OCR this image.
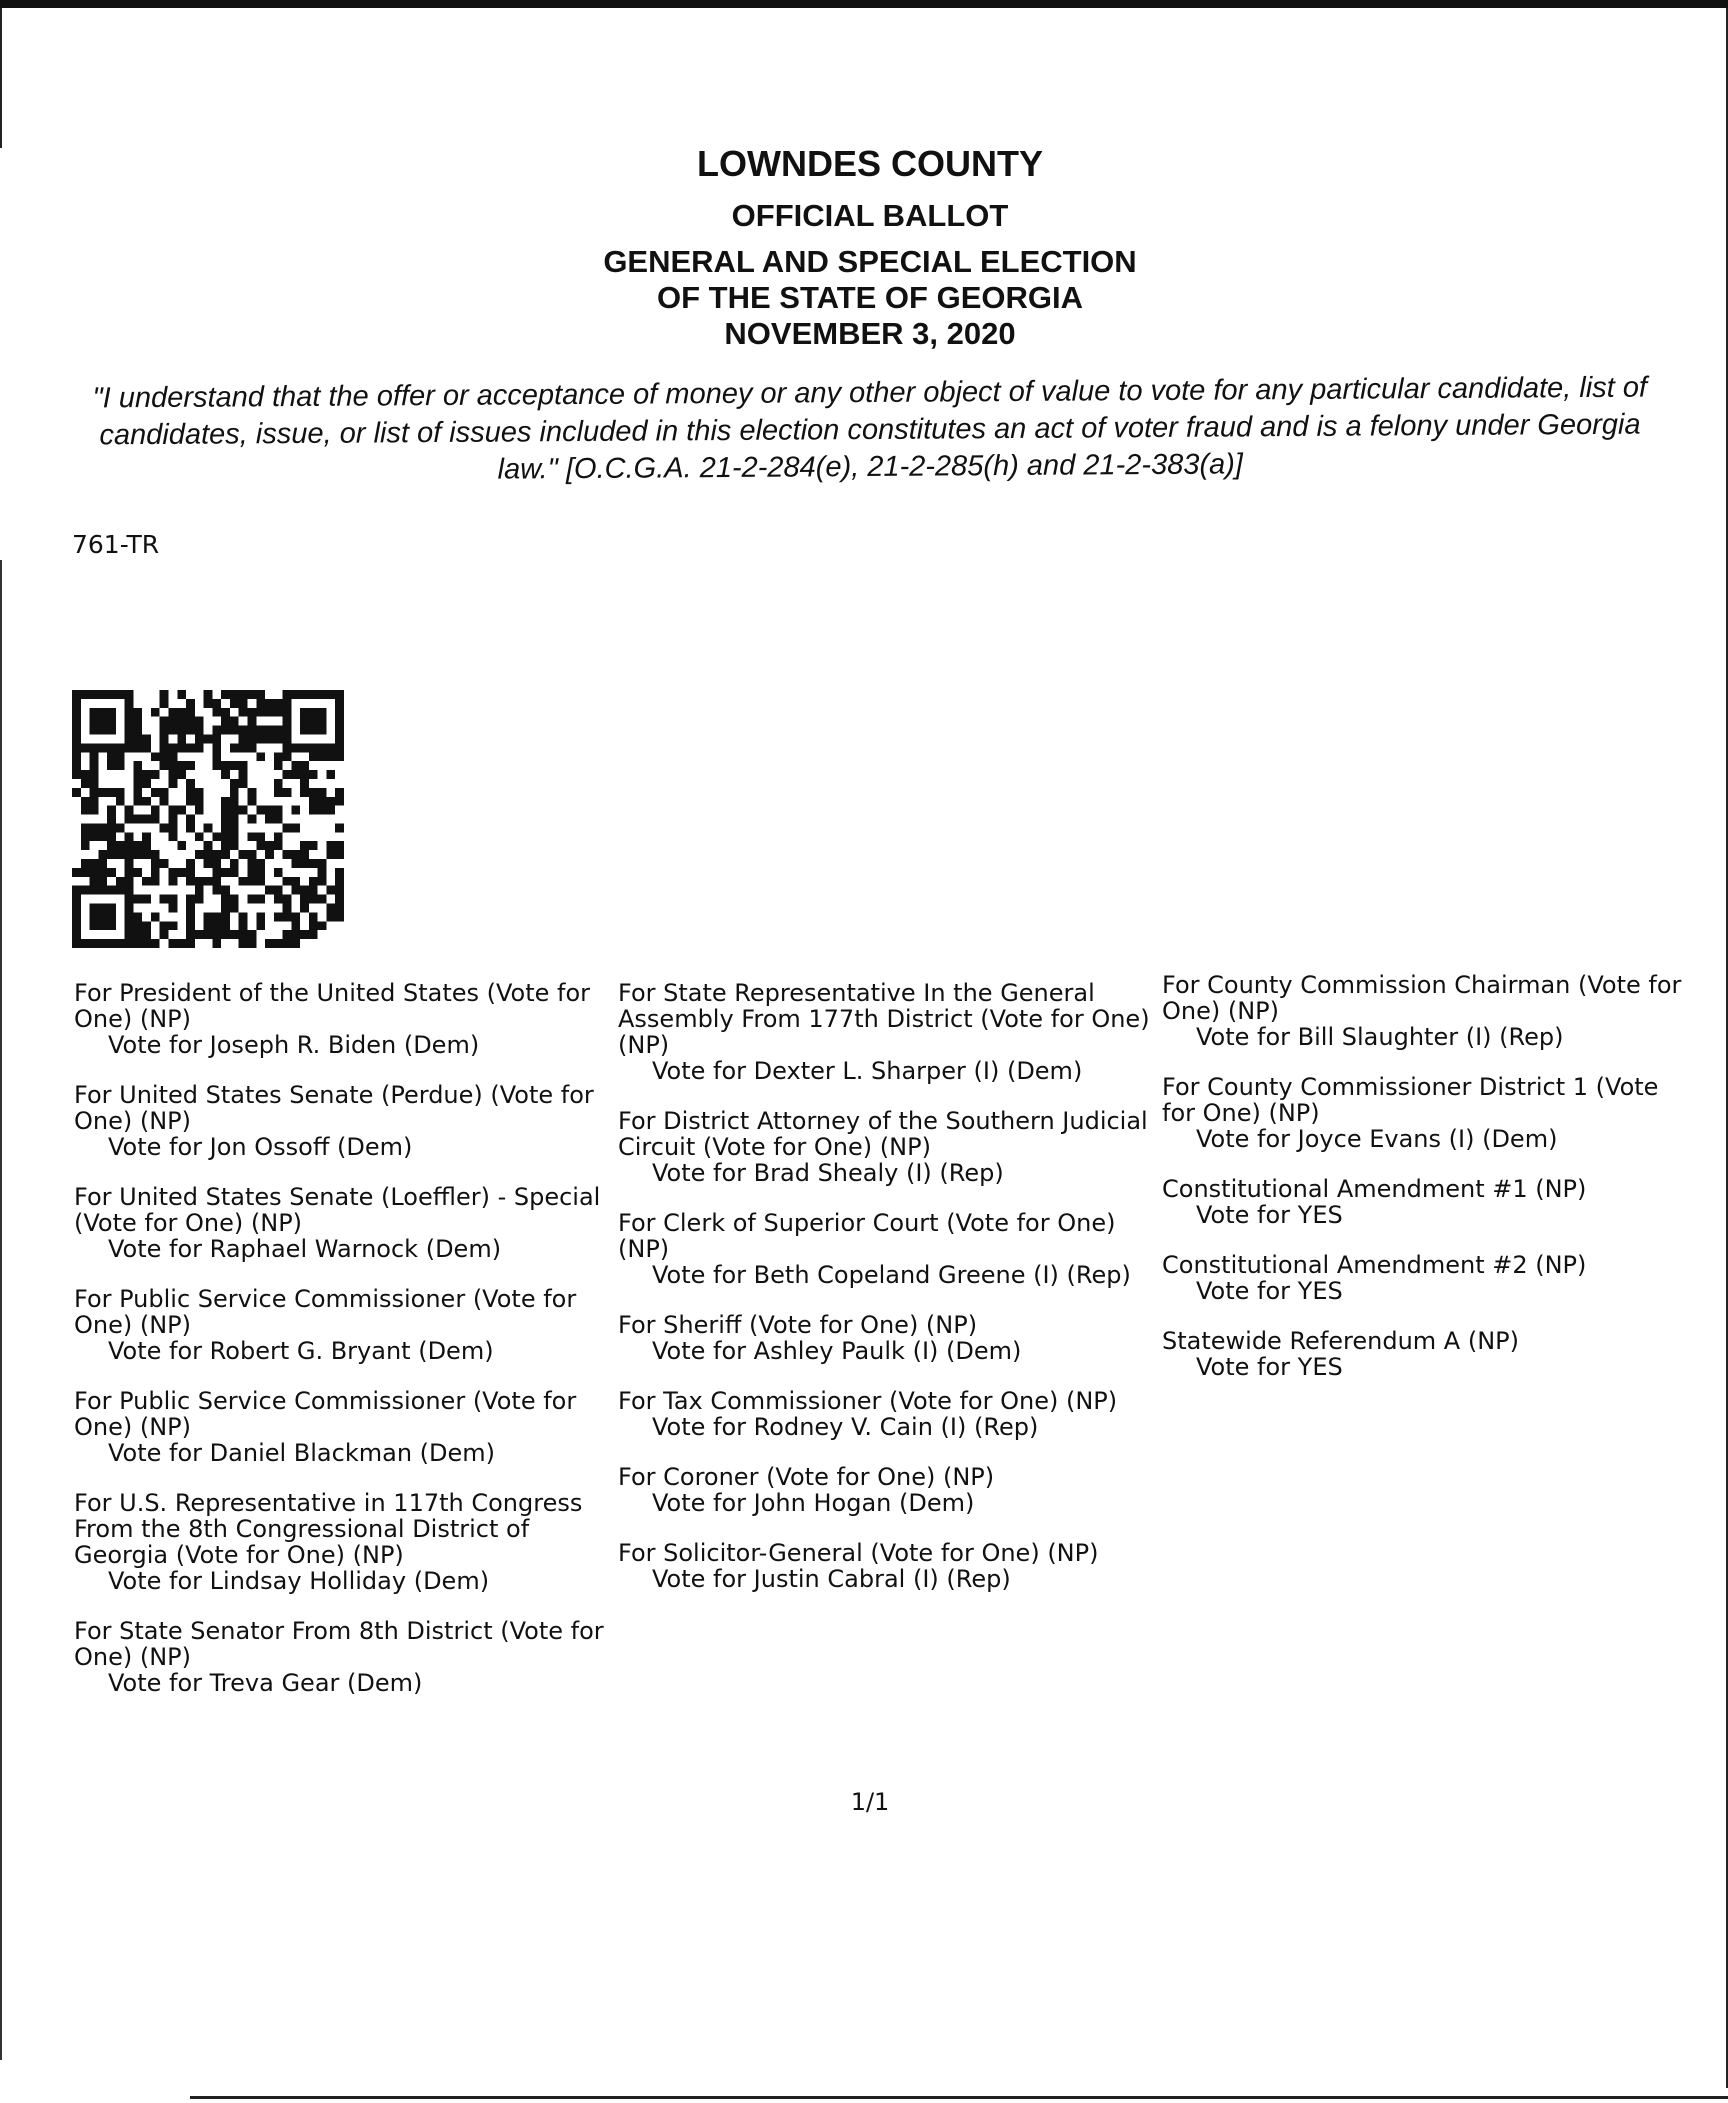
LOWNDES COUNTY
OFFICIAL BALLOT
GENERAL AND SPECIAL ELECTION
OF THE STATE OF GEORGIA
NOVEMBER 3, 2020
"I understand that the offer or acceptance of money or any other object of value to vote for any particular candidate, list of candidates, issue, or list of issues included in this election constitutes an act of voter fraud and is a felony under Georgia law." [O.C.G.A. 21-2-284(e), 21-2-285(h) and 21-2-383(a)]
761-TR
For President of the United States (Vote for One) (NP)
Vote for Joseph R. Biden (Dem)
For United States Senate (Perdue) (Vote for One) (NP)
Vote for Jon Ossoff (Dem)
For United States Senate (Loeffler) - Special (Vote for One) (NP)
Vote for Raphael Warnock (Dem)
For Public Service Commissioner (Vote for One) (NP)
Vote for Robert G. Bryant (Dem)
For Public Service Commissioner (Vote for One) (NP)
Vote for Daniel Blackman (Dem)
For U.S. Representative in 117th Congress From the 8th Congressional District of Georgia (Vote for One) (NP)
Vote for Lindsay Holliday (Dem)
For State Senator From 8th District (Vote for One) (NP)
Vote for Treva Gear (Dem)
For State Representative In the General Assembly From 177th District (Vote for One) (NP)
Vote for Dexter L. Sharper (I) (Dem)
For District Attorney of the Southern Judicial Circuit (Vote for One) (NP)
Vote for Brad Shealy (I) (Rep)
For Clerk of Superior Court (Vote for One) (NP)
Vote for Beth Copeland Greene (I) (Rep)
For Sheriff (Vote for One) (NP)
Vote for Ashley Paulk (I) (Dem)
For Tax Commissioner (Vote for One) (NP)
Vote for Rodney V. Cain (I) (Rep)
For Coroner (Vote for One) (NP)
Vote for John Hogan (Dem)
For Solicitor-General (Vote for One) (NP)
Vote for Justin Cabral (I) (Rep)
For County Commission Chairman (Vote for One) (NP)
Vote for Bill Slaughter (I) (Rep)
For County Commissioner District 1 (Vote for One) (NP)
Vote for Joyce Evans (I) (Dem)
Constitutional Amendment #1 (NP)
Vote for YES
Constitutional Amendment #2 (NP)
Vote for YES
Statewide Referendum A (NP)
Vote for YES
1/1
